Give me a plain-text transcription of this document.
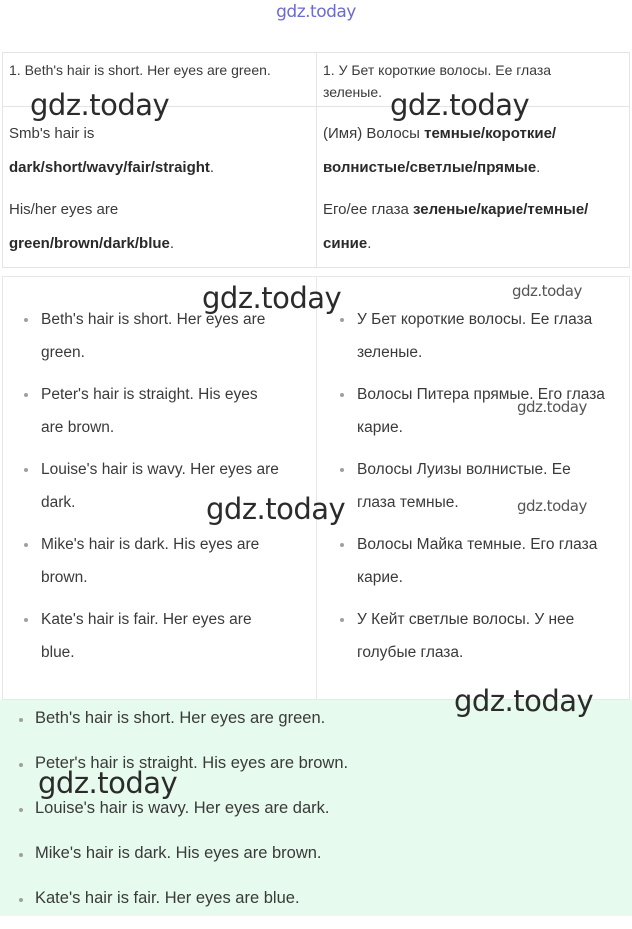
gdz.today
1. Beth's hair is short. Her eyes are green.	1. У Бет короткие волосы. Ее глаза зеленые.
Smb's hair is
dark/short/wavy/fair/straight.
His/her eyes are
green/brown/dark/blue.
(Имя) Волосы темные/короткие/
волнистые/светлые/прямые.
Его/ее глаза зеленые/карие/темные/
синие.
Beth's hair is short. Her eyes are
green.
Peter's hair is straight. His eyes
are brown.
Louise's hair is wavy. Her eyes are
dark.
Mike's hair is dark. His eyes are
brown.
Kate's hair is fair. Her eyes are
blue.
У Бет короткие волосы. Ее глаза
зеленые.
Волосы Питера прямые. Его глаза
карие.
Волосы Луизы волнистые. Ее
глаза темные.
Волосы Майка темные. Его глаза
карие.
У Кейт светлые волосы. У нее
голубые глаза.
Beth's hair is short. Her eyes are green.
Peter's hair is straight. His eyes are brown.
Louise's hair is wavy. Her eyes are dark.
Mike's hair is dark. His eyes are brown.
Kate's hair is fair. Her eyes are blue.
gdz.today	gdz.today
gdz.today	gdz.today
gdz.today
gdz.today	gdz.today
gdz.today
gdz.today
